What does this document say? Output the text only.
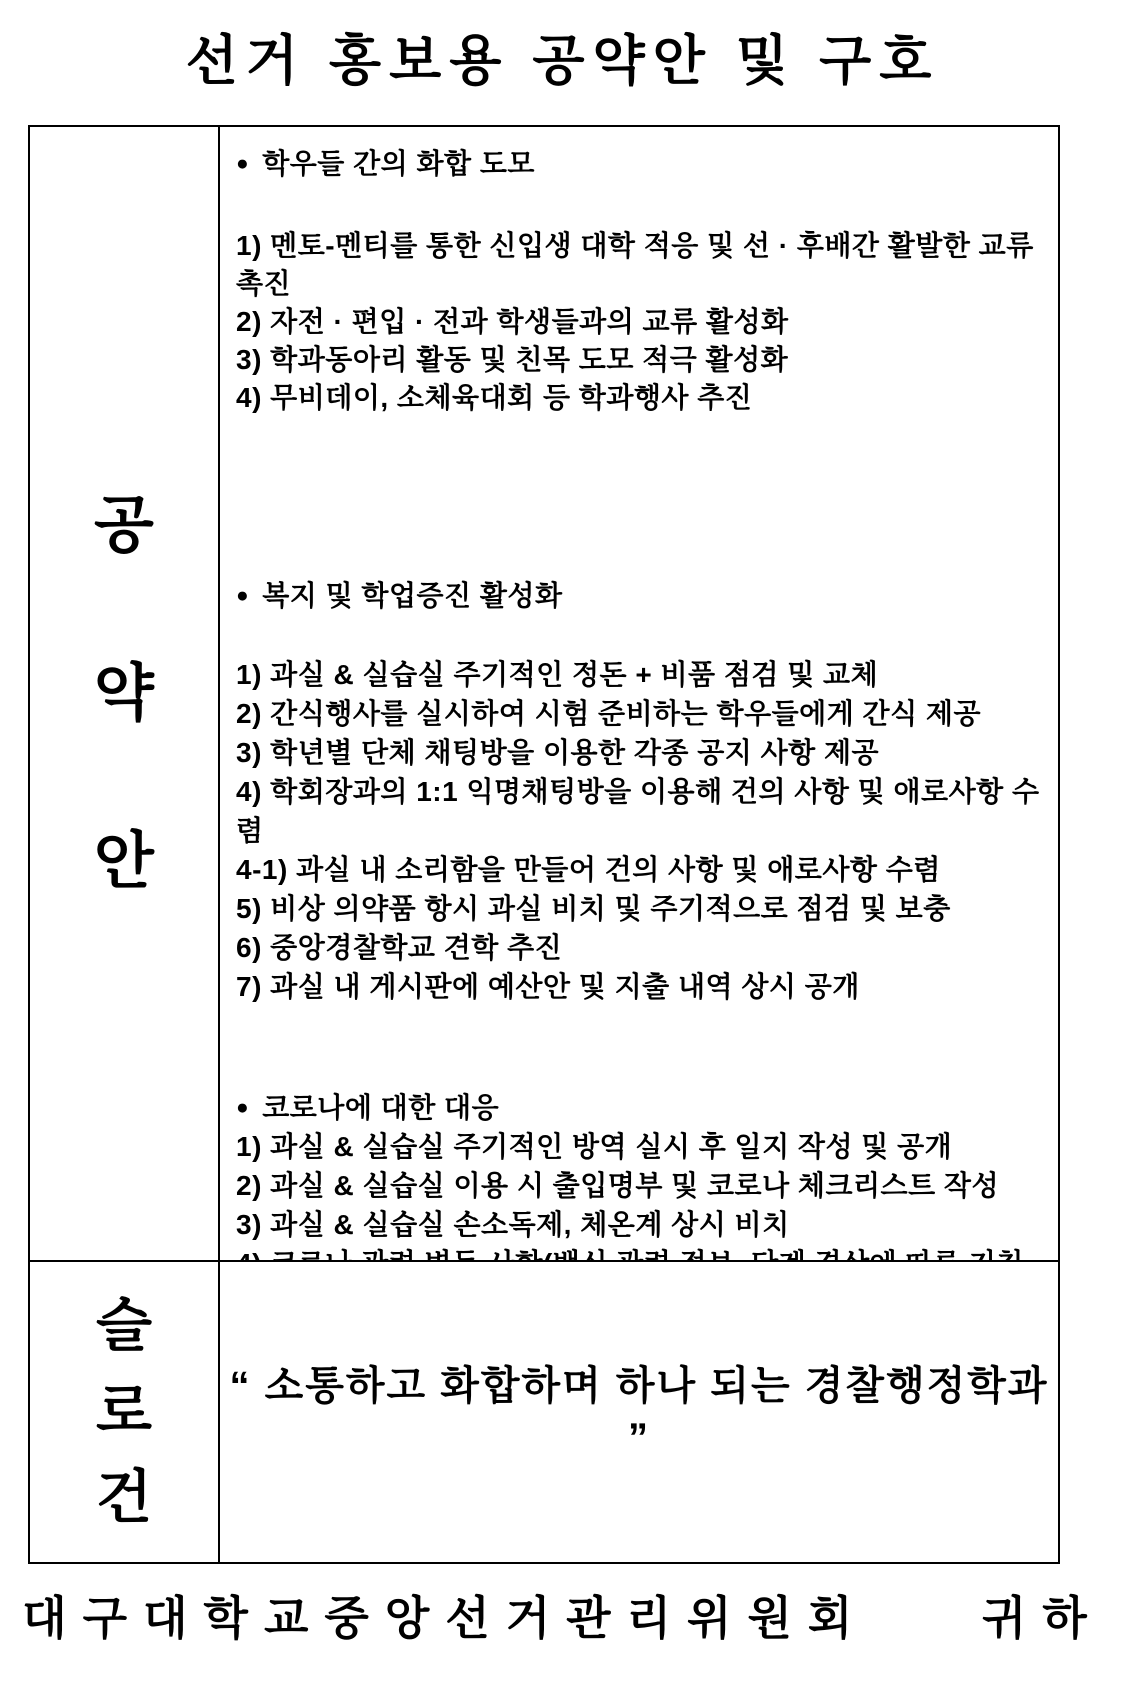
선거 홍보용 공약안 및 구호
공
약
안
● 학우들 간의 화합 도모
1) 멘토-멘티를 통한 신입생 대학 적응 및 선 · 후배간 활발한 교류 촉진
2) 자전 · 편입 · 전과 학생들과의 교류 활성화
3) 학과동아리 활동 및 친목 도모 적극 활성화
4) 무비데이, 소체육대회 등 학과행사 추진
● 복지 및 학업증진 활성화
1) 과실 & 실습실 주기적인 정돈 + 비품 점검 및 교체
2) 간식행사를 실시하여 시험 준비하는 학우들에게 간식 제공
3) 학년별 단체 채팅방을 이용한 각종 공지 사항 제공
4) 학회장과의 1:1 익명채팅방을 이용해 건의 사항 및 애로사항 수렴
4-1) 과실 내 소리함을 만들어 건의 사항 및 애로사항 수렴
5) 비상 의약품 항시 과실 비치 및 주기적으로 점검 및 보충
6) 중앙경찰학교 견학 추진
7) 과실 내 게시판에 예산안 및 지출 내역 상시 공개
● 코로나에 대한 대응
1) 과실 & 실습실 주기적인 방역 실시 후 일지 작성 및 공개
2) 과실 & 실습실 이용 시 출입명부 및 코로나 체크리스트 작성
3) 과실 & 실습실 손소독제, 체온계 상시 비치
슬
로
건
“ 소통하고 화합하며 하나 되는 경찰행정학과 ”
대구대학교중앙선거관리위원회  귀하
